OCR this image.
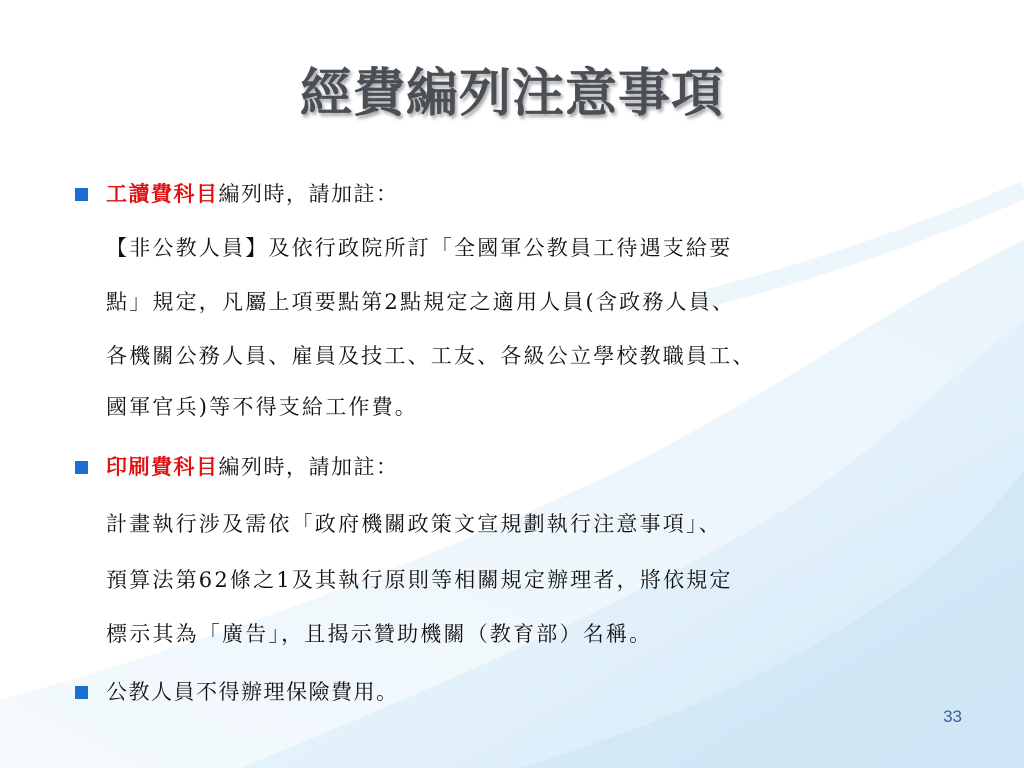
經費編列注意事項
工讀費科目編列時，請加註：
【非公教人員】及依行政院所訂「全國軍公教員工待遇支給要
點」規定，凡屬上項要點第2點規定之適用人員(含政務人員、
各機關公務人員、雇員及技工、工友、各級公立學校教職員工、
國軍官兵)等不得支給工作費。
印刷費科目編列時，請加註：
計畫執行涉及需依「政府機關政策文宣規劃執行注意事項」、
預算法第62條之1及其執行原則等相關規定辦理者，將依規定
標示其為「廣告」，且揭示贊助機關（教育部）名稱。
公教人員不得辦理保險費用。
33
